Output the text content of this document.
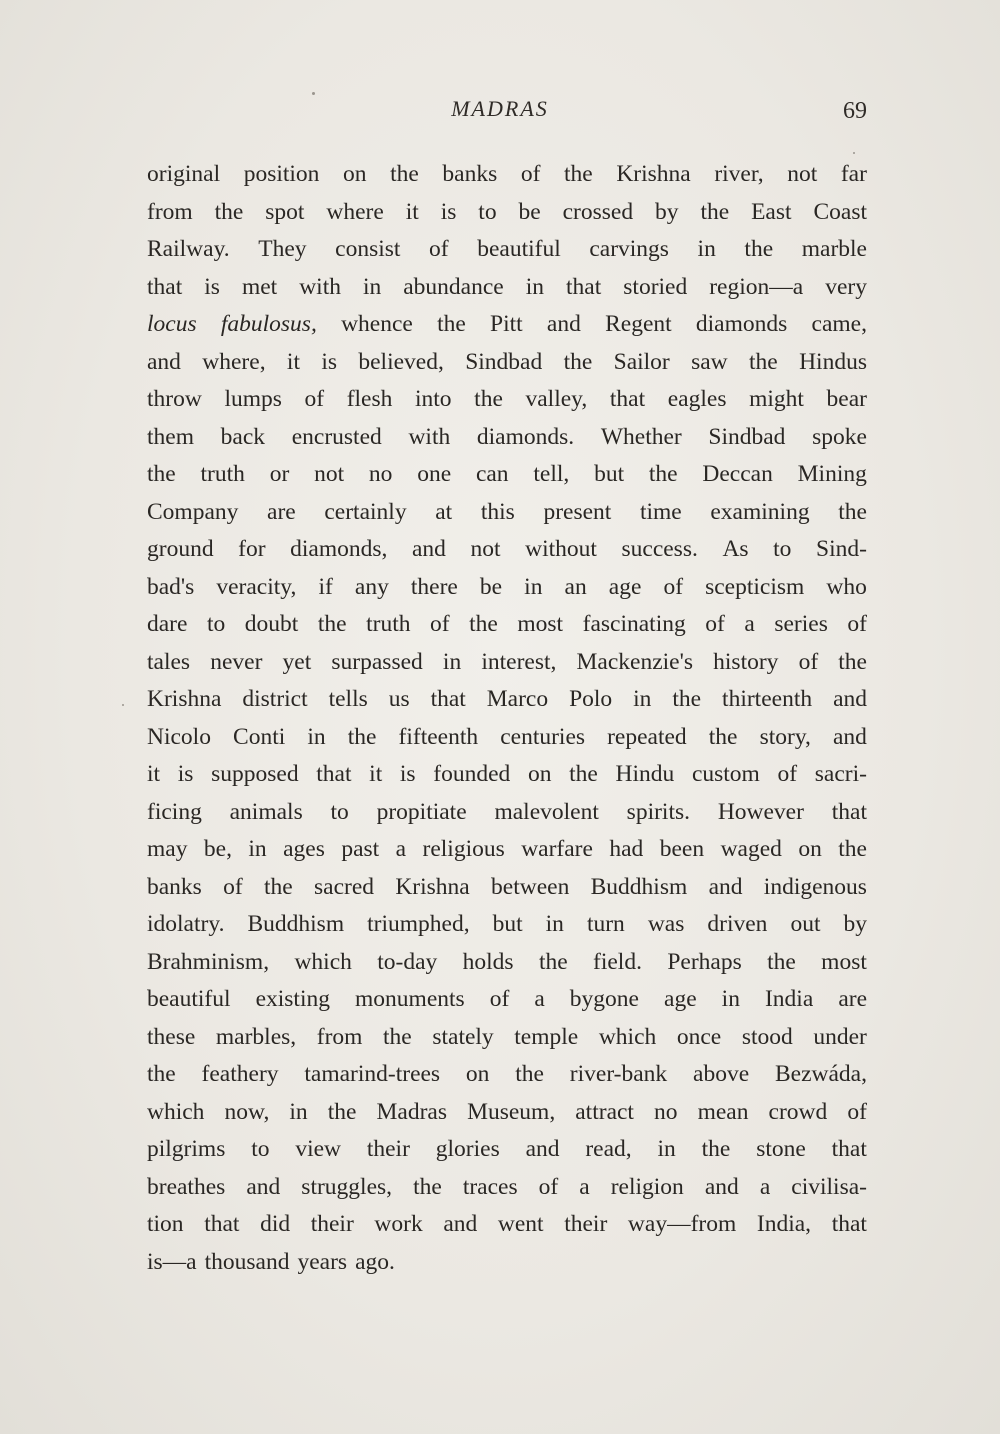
MADRAS	69
original position on the banks of the Krishna river, not far
from the spot where it is to be crossed by the East Coast
Railway. They consist of beautiful carvings in the marble
that is met with in abundance in that storied region—a very
locus fabulosus, whence the Pitt and Regent diamonds came,
and where, it is believed, Sindbad the Sailor saw the Hindus
throw lumps of flesh into the valley, that eagles might bear
them back encrusted with diamonds. Whether Sindbad spoke
the truth or not no one can tell, but the Deccan Mining
Company are certainly at this present time examining the
ground for diamonds, and not without success. As to Sind-
bad's veracity, if any there be in an age of scepticism who
dare to doubt the truth of the most fascinating of a series of
tales never yet surpassed in interest, Mackenzie's history of the
Krishna district tells us that Marco Polo in the thirteenth and
Nicolo Conti in the fifteenth centuries repeated the story, and
it is supposed that it is founded on the Hindu custom of sacri-
ficing animals to propitiate malevolent spirits. However that
may be, in ages past a religious warfare had been waged on the
banks of the sacred Krishna between Buddhism and indigenous
idolatry. Buddhism triumphed, but in turn was driven out by
Brahminism, which to-day holds the field. Perhaps the most
beautiful existing monuments of a bygone age in India are
these marbles, from the stately temple which once stood under
the feathery tamarind-trees on the river-bank above Bezwáda,
which now, in the Madras Museum, attract no mean crowd of
pilgrims to view their glories and read, in the stone that
breathes and struggles, the traces of a religion and a civilisa-
tion that did their work and went their way—from India, that
is—a thousand years ago.
